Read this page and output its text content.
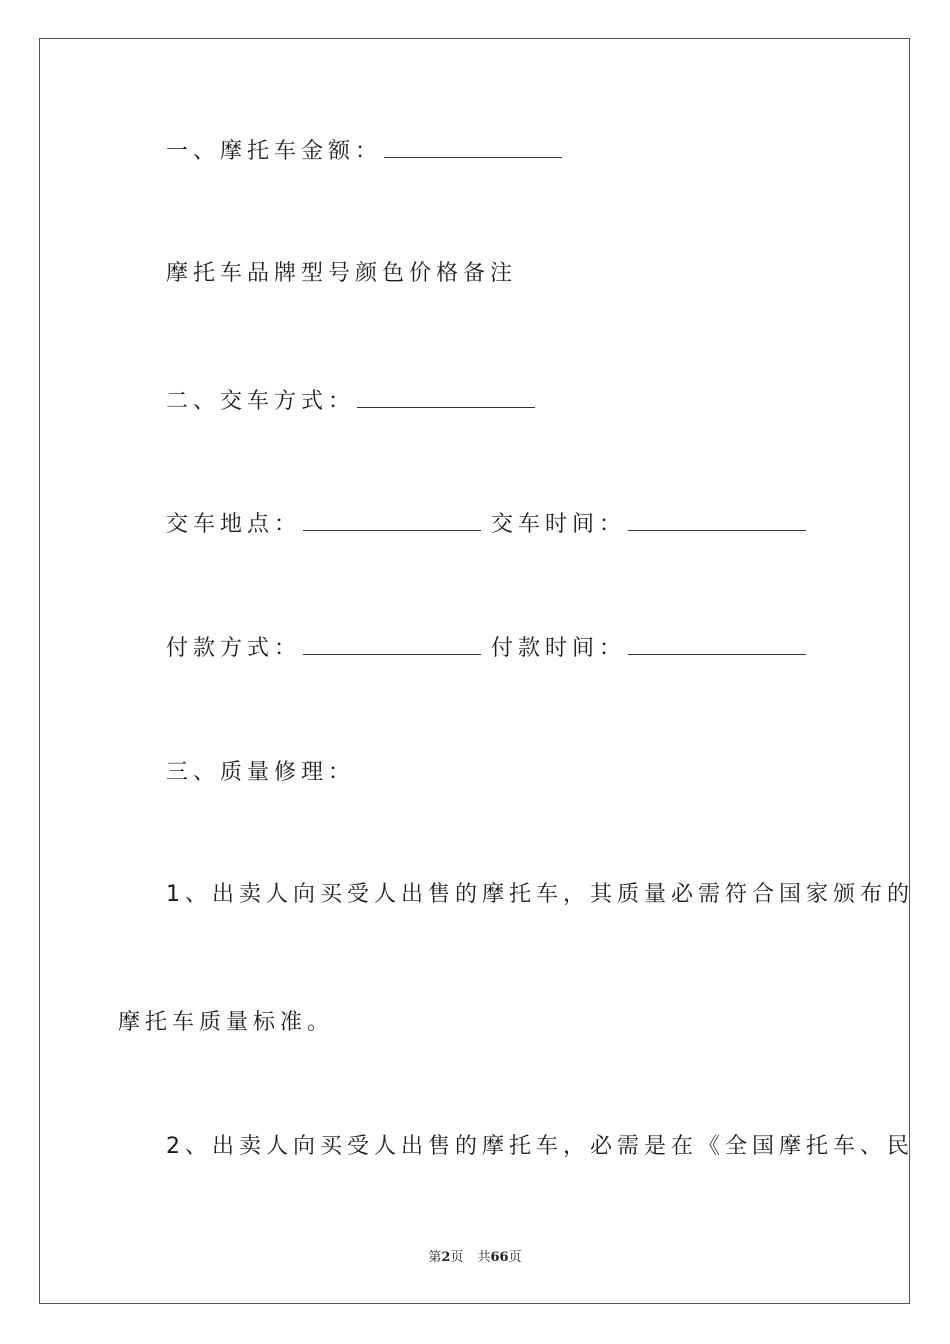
一、摩托车金额：
摩托车品牌型号颜色价格备注
二、交车方式：
交车地点：	交车时间：
付款方式：	付款时间：
三、质量修理：
1、出卖人向买受人出售的摩托车，其质量必需符合国家颁布的
摩托车质量标准。
2、出卖人向买受人出售的摩托车，必需是在《全国摩托车、民
第2页 共66页
